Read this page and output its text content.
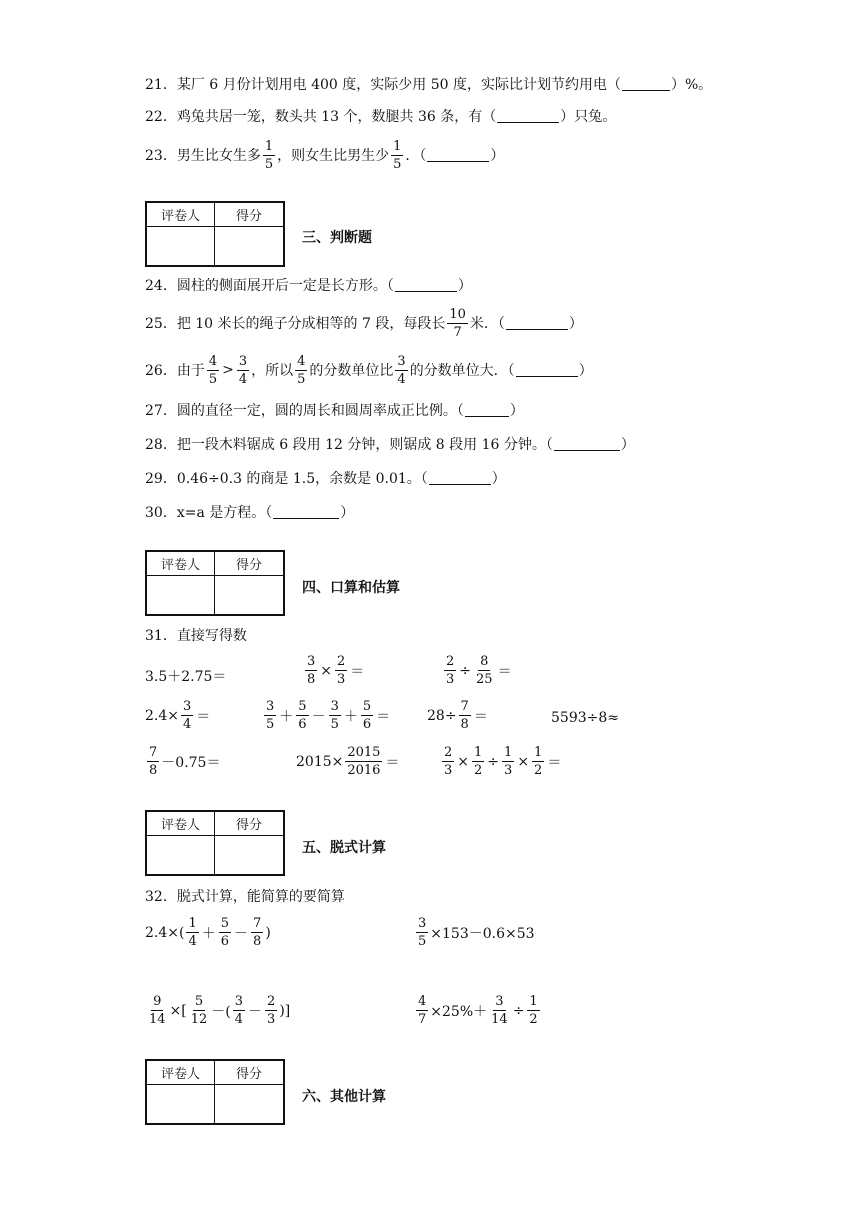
21．某厂 6 月份计划用电 400 度，实际少用 50 度，实际比计划节约用电（	）%。
22．鸡兔共居一笼，数头共 13 个，数腿共 36 条，有（	）只兔。
23．男生比女生多 $\frac{1}{5}$ ，则女生比男生少 $\frac{1}{5}$ ．（	）
评卷人	得分
三、判断题
24．圆柱的侧面展开后一定是长方形。（	）
25．把 10 米长的绳子分成相等的 7 段，每段长 $\frac{10}{7}$ 米．（	）
26．由于 $\frac{4}{5} > \frac{3}{4}$ ，所以 $\frac{4}{5}$ 的分数单位比 $\frac{3}{4}$ 的分数单位大．（	）
27．圆的直径一定，圆的周长和圆周率成正比例。（	）
28．把一段木料锯成 6 段用 12 分钟，则锯成 8 段用 16 分钟。（	）
29．0.46÷0.3 的商是 1.5，余数是 0.01。（	）
30．x=a 是方程。（	）
评卷人	得分
四、口算和估算
31．直接写得数
3.5＋2.75＝	$\frac{3}{8} \times \frac{2}{3}$ ＝	$\frac{2}{3} \div \frac{8}{25}$ ＝
$2.4\times \frac{3}{4}$ ＝	$\frac{3}{5} + \frac{5}{6} - \frac{3}{5} + \frac{5}{6}$ ＝	$28\div \frac{7}{8}$ ＝	5593÷8≈
$\frac{7}{8} -0.75=$	$2015\times \frac{2015}{2016}$ ＝	$\frac{2}{3} \times \frac{1}{2} \div \frac{1}{3} \times \frac{1}{2}$ ＝
评卷人	得分
五、脱式计算
32．脱式计算，能简算的要简算
$2.4\times( \frac{1}{4} + \frac{5}{6} - \frac{7}{8}$ )	$\frac{3}{5} \times 153-0.6\times 53$
$\frac{9}{14}$ ×[ $\frac{5}{12}$ －( $\frac{3}{4} - \frac{2}{3}$ )]	$\frac{4}{7} \times 25\%+ \frac{3}{14} \div \frac{1}{2}$
评卷人	得分
六、其他计算
